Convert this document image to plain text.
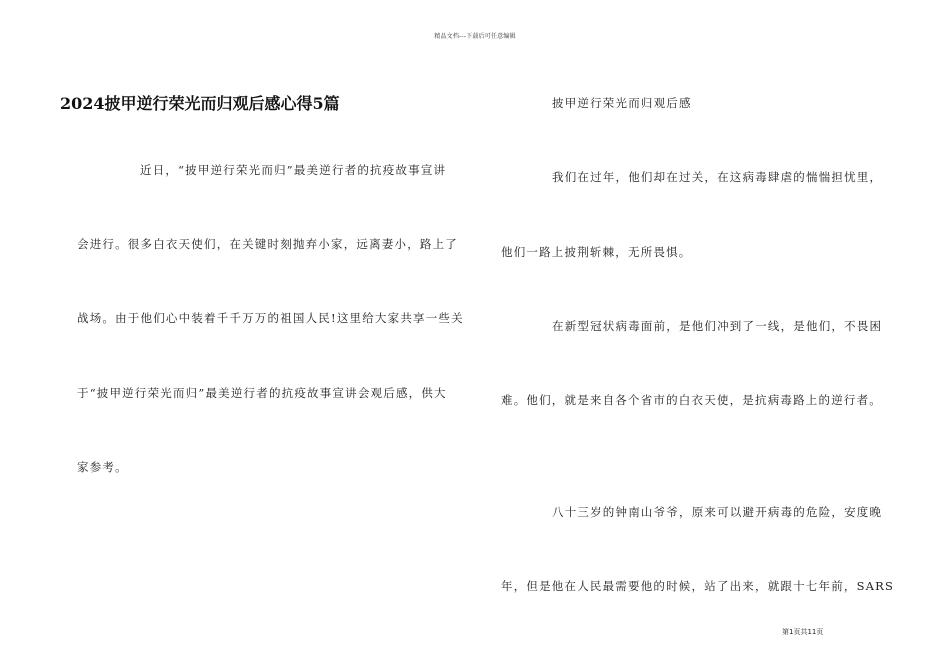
精品文档---下载后可任意编辑
2024披甲逆行荣光而归观后感心得5篇
近日，“披甲逆行荣光而归”最美逆行者的抗疫故事宣讲
会进行。很多白衣天使们，在关键时刻抛弃小家，远离妻小，路上了
战场。由于他们心中装着千千万万的祖国人民!这里给大家共享一些关
于“披甲逆行荣光而归”最美逆行者的抗疫故事宣讲会观后感，供大
家参考。
披甲逆行荣光而归观后感
我们在过年，他们却在过关，在这病毒肆虐的惴惴担忧里，
他们一路上披荆斩棘，无所畏惧。
在新型冠状病毒面前，是他们冲到了一线，是他们，不畏困
难。他们，就是来自各个省市的白衣天使，是抗病毒路上的逆行者。
八十三岁的钟南山爷爷，原来可以避开病毒的危险，安度晚
年，但是他在人民最需要他的时候，站了出来，就跟十七年前，SARS
第1页共11页
